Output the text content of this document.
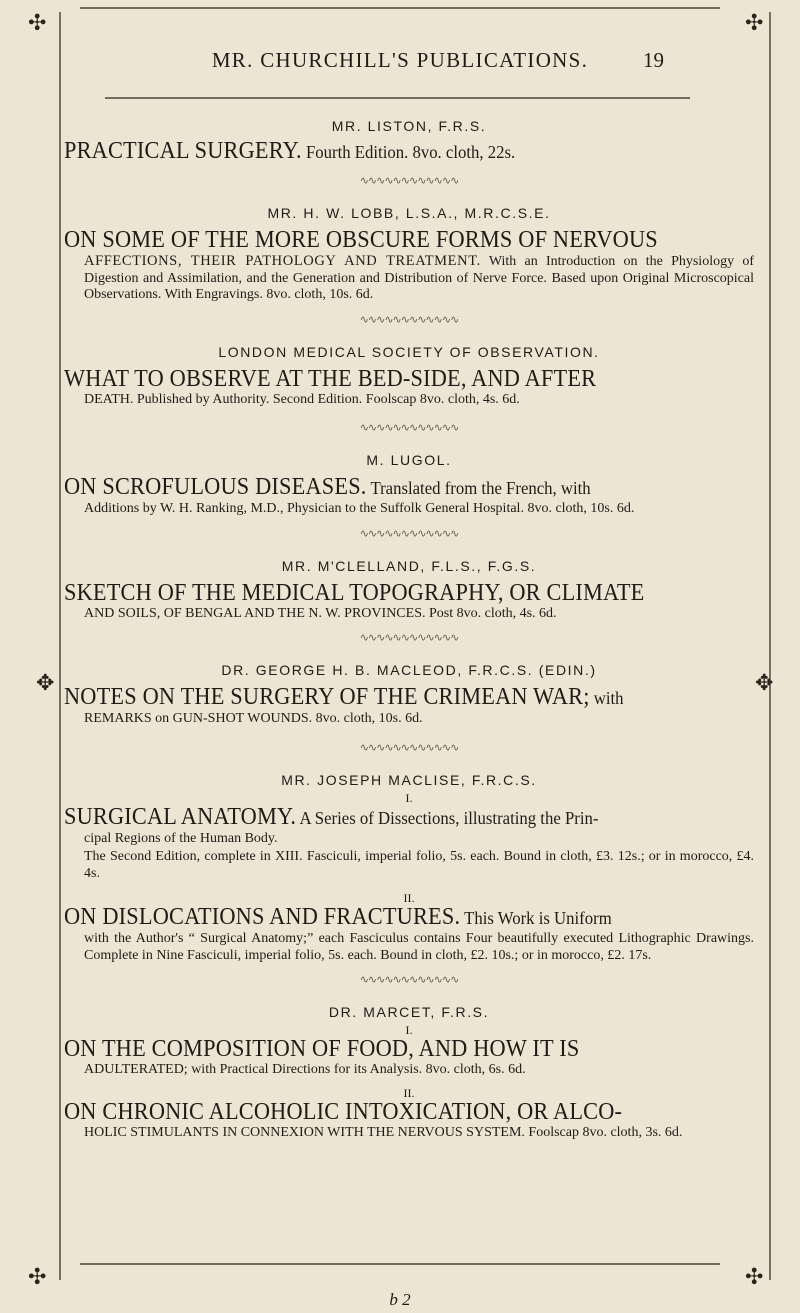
✣	✣
✣	✣
✥	✥
MR. CHURCHILL'S PUBLICATIONS.	19

MR. LISTON, F.R.S.

PRACTICAL SURGERY. Fourth Edition. 8vo. cloth, 22s.

∿∿∿∿∿∿∿∿∿∿∿∿

MR. H. W. LOBB, L.S.A., M.R.C.S.E.

ON SOME OF THE MORE OBSCURE FORMS OF NERVOUS

AFFECTIONS, THEIR PATHOLOGY AND TREATMENT. With an Introduction on the Physiology of Digestion and Assimilation, and the Generation and Distribution of Nerve Force. Based upon Original Microscopical Observations. With Engravings. 8vo. cloth, 10s. 6d.

∿∿∿∿∿∿∿∿∿∿∿∿

LONDON MEDICAL SOCIETY OF OBSERVATION.

WHAT TO OBSERVE AT THE BED-SIDE, AND AFTER

DEATH. Published by Authority. Second Edition. Foolscap 8vo. cloth, 4s. 6d.

∿∿∿∿∿∿∿∿∿∿∿∿

M. LUGOL.

ON SCROFULOUS DISEASES. Translated from the French, with

Additions by W. H. Ranking, M.D., Physician to the Suffolk General Hospital. 8vo. cloth, 10s. 6d.

∿∿∿∿∿∿∿∿∿∿∿∿

MR. M'CLELLAND, F.L.S., F.G.S.

SKETCH OF THE MEDICAL TOPOGRAPHY, OR CLIMATE

AND SOILS, OF BENGAL AND THE N. W. PROVINCES. Post 8vo. cloth, 4s. 6d.

∿∿∿∿∿∿∿∿∿∿∿∿

DR. GEORGE H. B. MACLEOD, F.R.C.S. (EDIN.)

NOTES ON THE SURGERY OF THE CRIMEAN WAR; with

REMARKS on GUN-SHOT WOUNDS. 8vo. cloth, 10s. 6d.

∿∿∿∿∿∿∿∿∿∿∿∿

MR. JOSEPH MACLISE, F.R.C.S.

I.

SURGICAL ANATOMY. A Series of Dissections, illustrating the Prin-

cipal Regions of the Human Body.

The Second Edition, complete in XIII. Fasciculi, imperial folio, 5s. each. Bound in cloth, £3. 12s.; or in morocco, £4. 4s.

II.

ON DISLOCATIONS AND FRACTURES. This Work is Uniform

with the Author's “ Surgical Anatomy;” each Fasciculus contains Four beautifully executed Lithographic Drawings. Complete in Nine Fasciculi, imperial folio, 5s. each. Bound in cloth, £2. 10s.; or in morocco, £2. 17s.

∿∿∿∿∿∿∿∿∿∿∿∿

DR. MARCET, F.R.S.

I.

ON THE COMPOSITION OF FOOD, AND HOW IT IS

ADULTERATED; with Practical Directions for its Analysis. 8vo. cloth, 6s. 6d.

II.

ON CHRONIC ALCOHOLIC INTOXICATION, OR ALCO-

HOLIC STIMULANTS IN CONNEXION WITH THE NERVOUS SYSTEM. Foolscap 8vo. cloth, 3s. 6d.

b 2
